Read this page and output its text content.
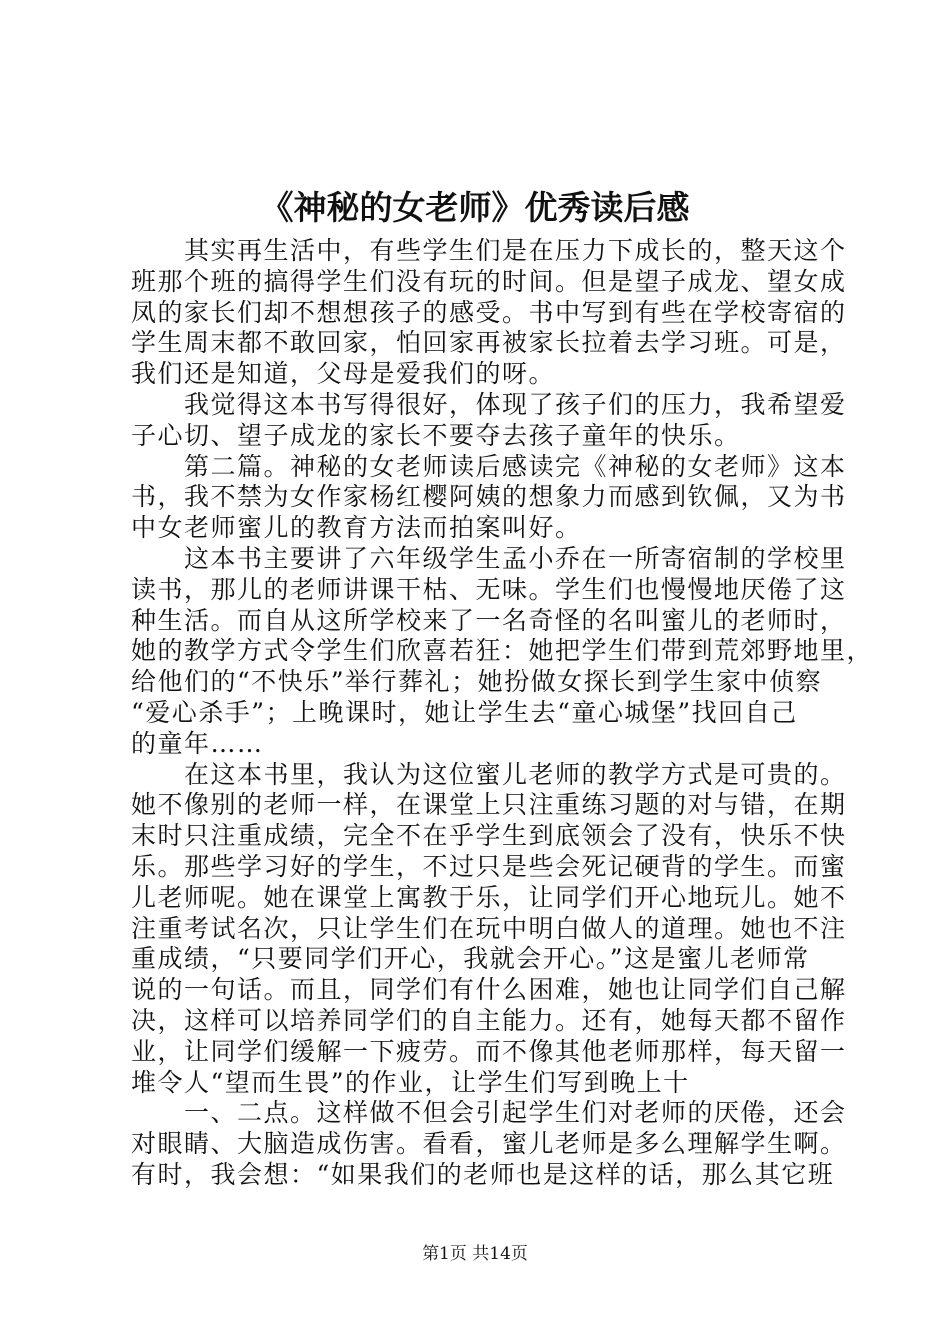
《神秘的女老师》优秀读后感
　　其实再生活中，有些学生们是在压力下成长的，整天这个
班那个班的搞得学生们没有玩的时间。但是望子成龙、望女成
凤的家长们却不想想孩子的感受。书中写到有些在学校寄宿的
学生周末都不敢回家，怕回家再被家长拉着去学习班。可是，
我们还是知道，父母是爱我们的呀。
　　我觉得这本书写得很好，体现了孩子们的压力，我希望爱
子心切、望子成龙的家长不要夺去孩子童年的快乐。
　　第二篇。神秘的女老师读后感读完《神秘的女老师》这本
书，我不禁为女作家杨红樱阿姨的想象力而感到钦佩，又为书
中女老师蜜儿的教育方法而拍案叫好。
　　这本书主要讲了六年级学生孟小乔在一所寄宿制的学校里
读书，那儿的老师讲课干枯、无味。学生们也慢慢地厌倦了这
种生活。而自从这所学校来了一名奇怪的名叫蜜儿的老师时，
她的教学方式令学生们欣喜若狂：她把学生们带到荒郊野地里，
给他们的“不快乐”举行葬礼；她扮做女探长到学生家中侦察
“爱心杀手”；上晚课时，她让学生去“童心城堡”找回自己
的童年……
　　在这本书里，我认为这位蜜儿老师的教学方式是可贵的。
她不像别的老师一样，在课堂上只注重练习题的对与错，在期
末时只注重成绩，完全不在乎学生到底领会了没有，快乐不快
乐。那些学习好的学生，不过只是些会死记硬背的学生。而蜜
儿老师呢。她在课堂上寓教于乐，让同学们开心地玩儿。她不
注重考试名次，只让学生们在玩中明白做人的道理。她也不注
重成绩，“只要同学们开心，我就会开心。”这是蜜儿老师常
说的一句话。而且，同学们有什么困难，她也让同学们自己解
决，这样可以培养同学们的自主能力。还有，她每天都不留作
业，让同学们缓解一下疲劳。而不像其他老师那样，每天留一
堆令人“望而生畏”的作业，让学生们写到晚上十
　　一、二点。这样做不但会引起学生们对老师的厌倦，还会
对眼睛、大脑造成伤害。看看，蜜儿老师是多么理解学生啊。
有时，我会想：“如果我们的老师也是这样的话，那么其它班
第1页 共14页
